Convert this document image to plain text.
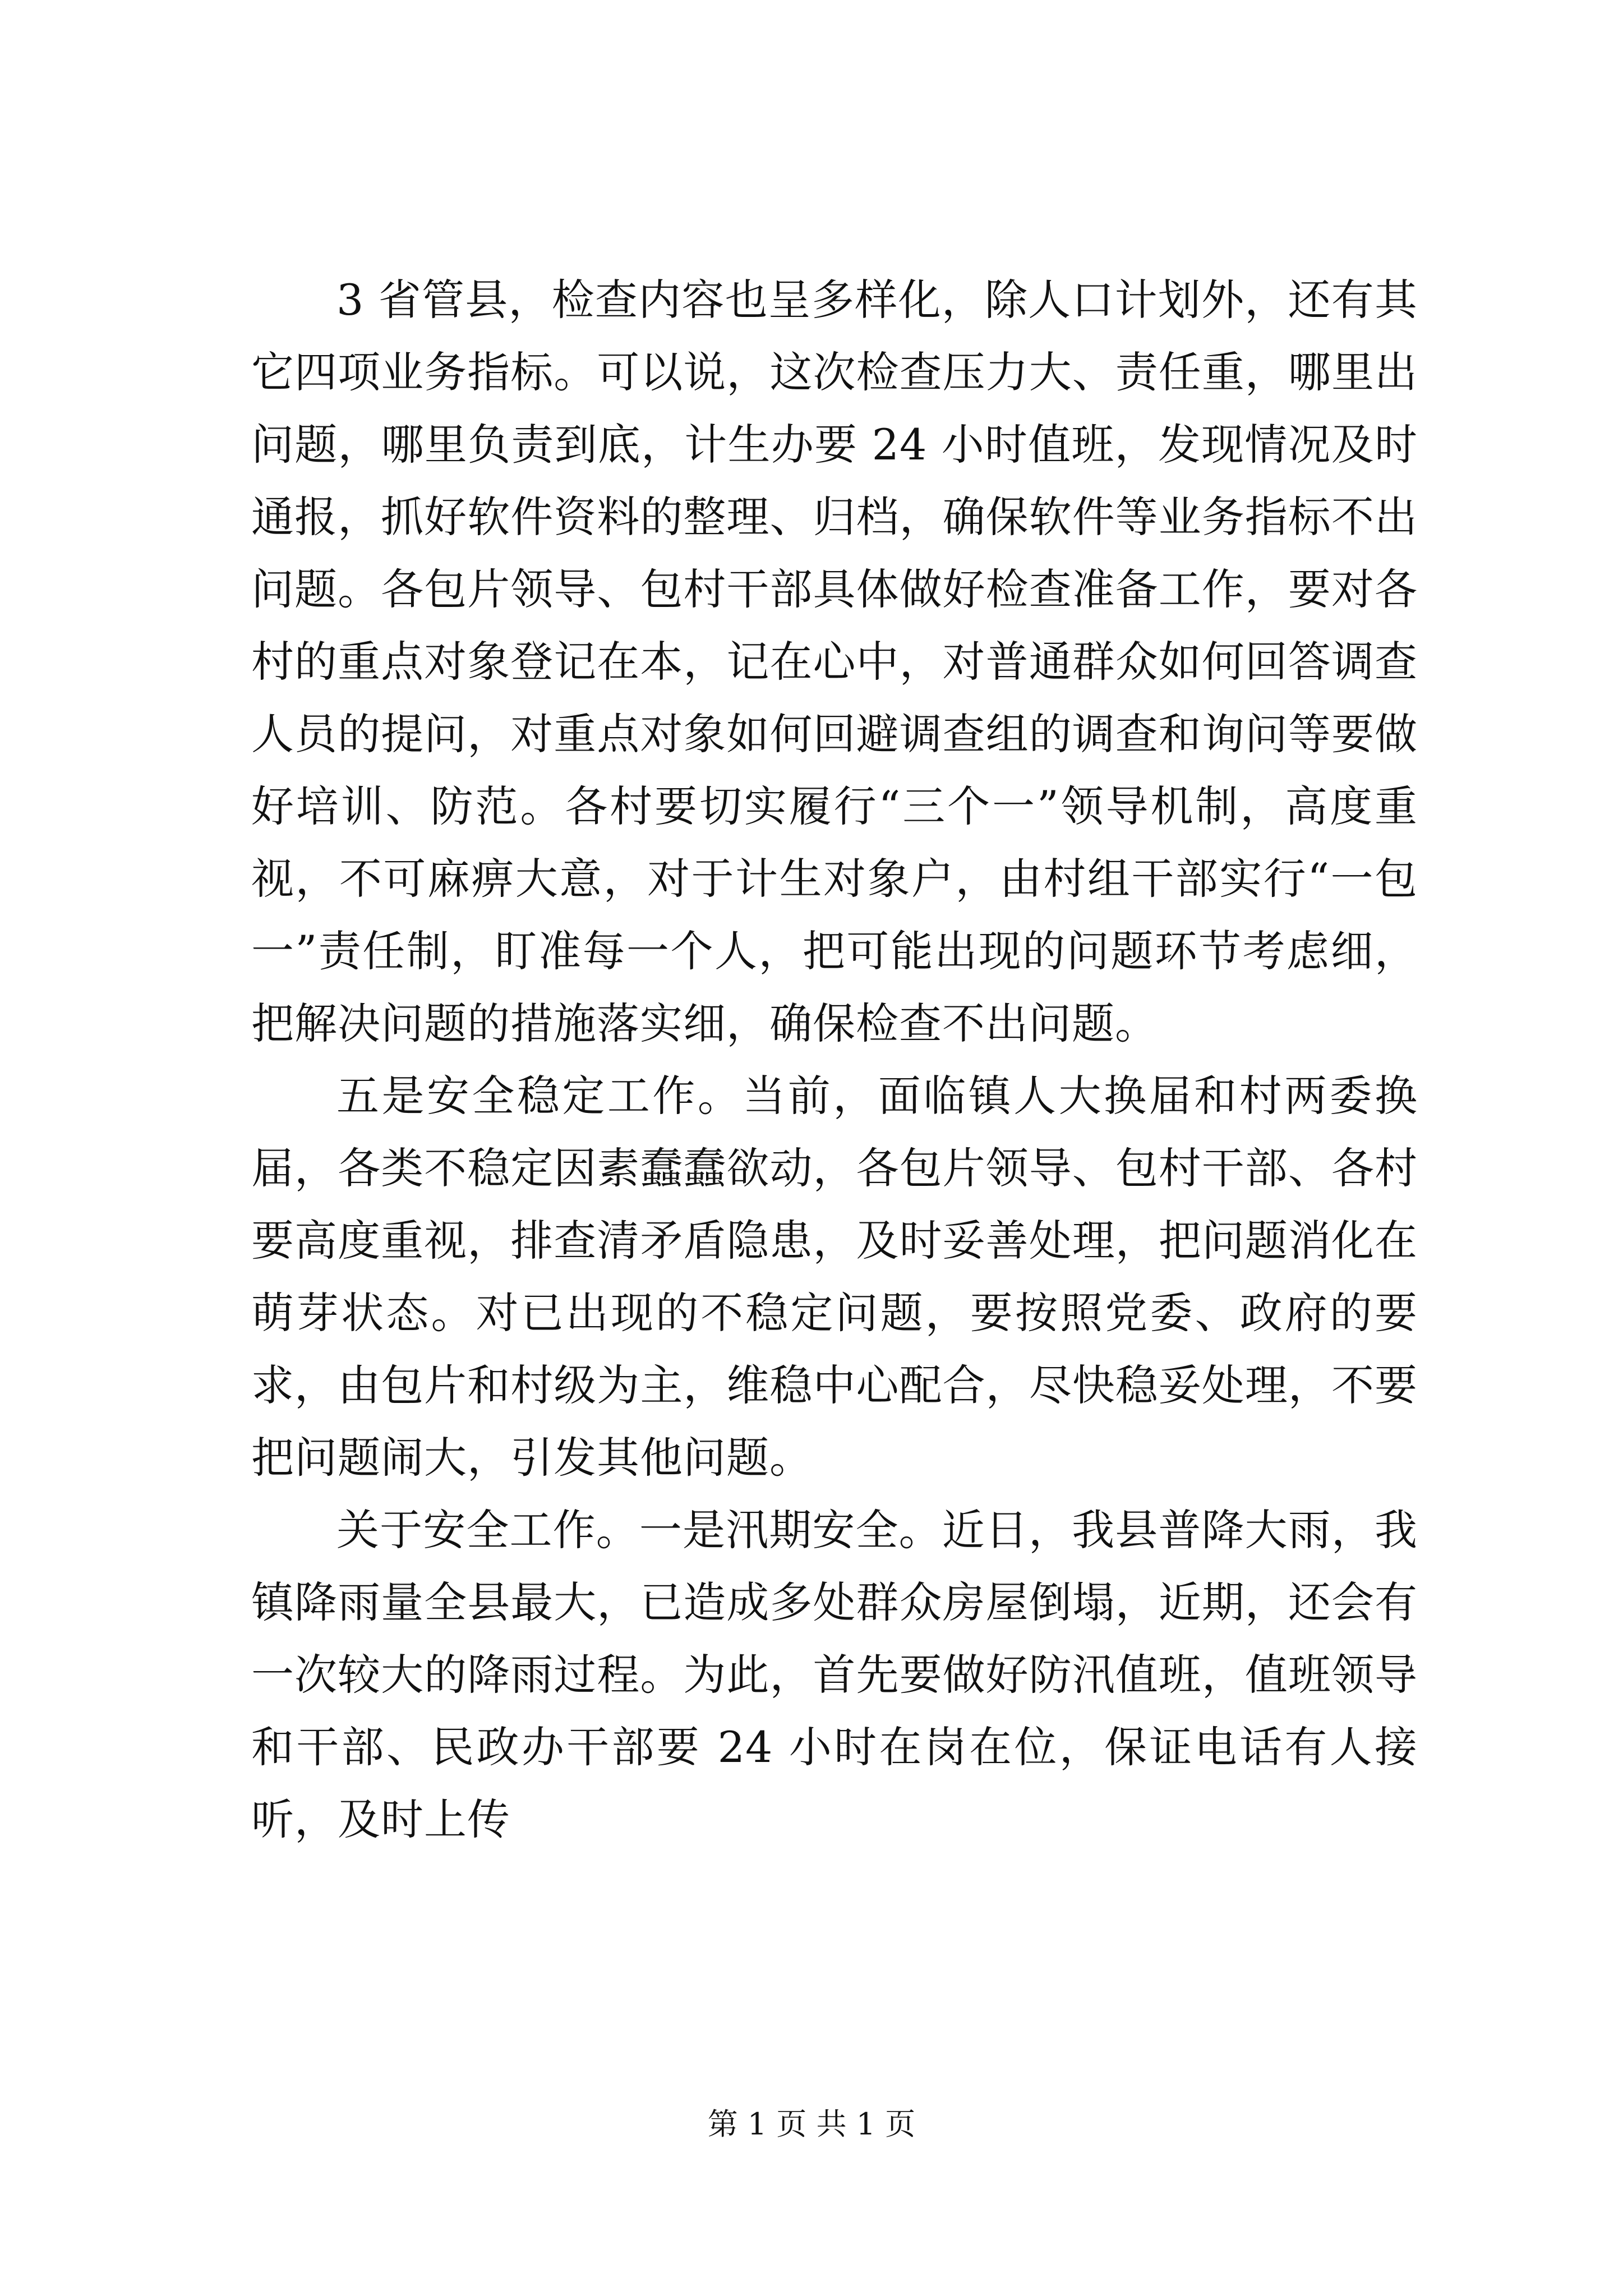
3 省管县，检查内容也呈多样化，除人口计划外，还有其它四项业务指标。可以说，这次检查压力大、责任重，哪里出问题，哪里负责到底，计生办要 24 小时值班，发现情况及时通报，抓好软件资料的整理、归档，确保软件等业务指标不出问题。各包片领导、包村干部具体做好检查准备工作，要对各村的重点对象登记在本，记在心中，对普通群众如何回答调查人员的提问，对重点对象如何回避调查组的调查和询问等要做好培训、防范。各村要切实履行“三个一”领导机制，高度重视，不可麻痹大意，对于计生对象户，由村组干部实行“一包一”责任制，盯准每一个人，把可能出现的问题环节考虑细，把解决问题的措施落实细，确保检查不出问题。

五是安全稳定工作。当前，面临镇人大换届和村两委换届，各类不稳定因素蠢蠢欲动，各包片领导、包村干部、各村要高度重视，排查清矛盾隐患，及时妥善处理，把问题消化在萌芽状态。对已出现的不稳定问题，要按照党委、政府的要求，由包片和村级为主，维稳中心配合，尽快稳妥处理，不要把问题闹大，引发其他问题。

关于安全工作。一是汛期安全。近日，我县普降大雨，我镇降雨量全县最大，已造成多处群众房屋倒塌，近期，还会有一次较大的降雨过程。为此，首先要做好防汛值班，值班领导和干部、民政办干部要 24 小时在岗在位，保证电话有人接听，及时上传

第 1 页 共 1 页
